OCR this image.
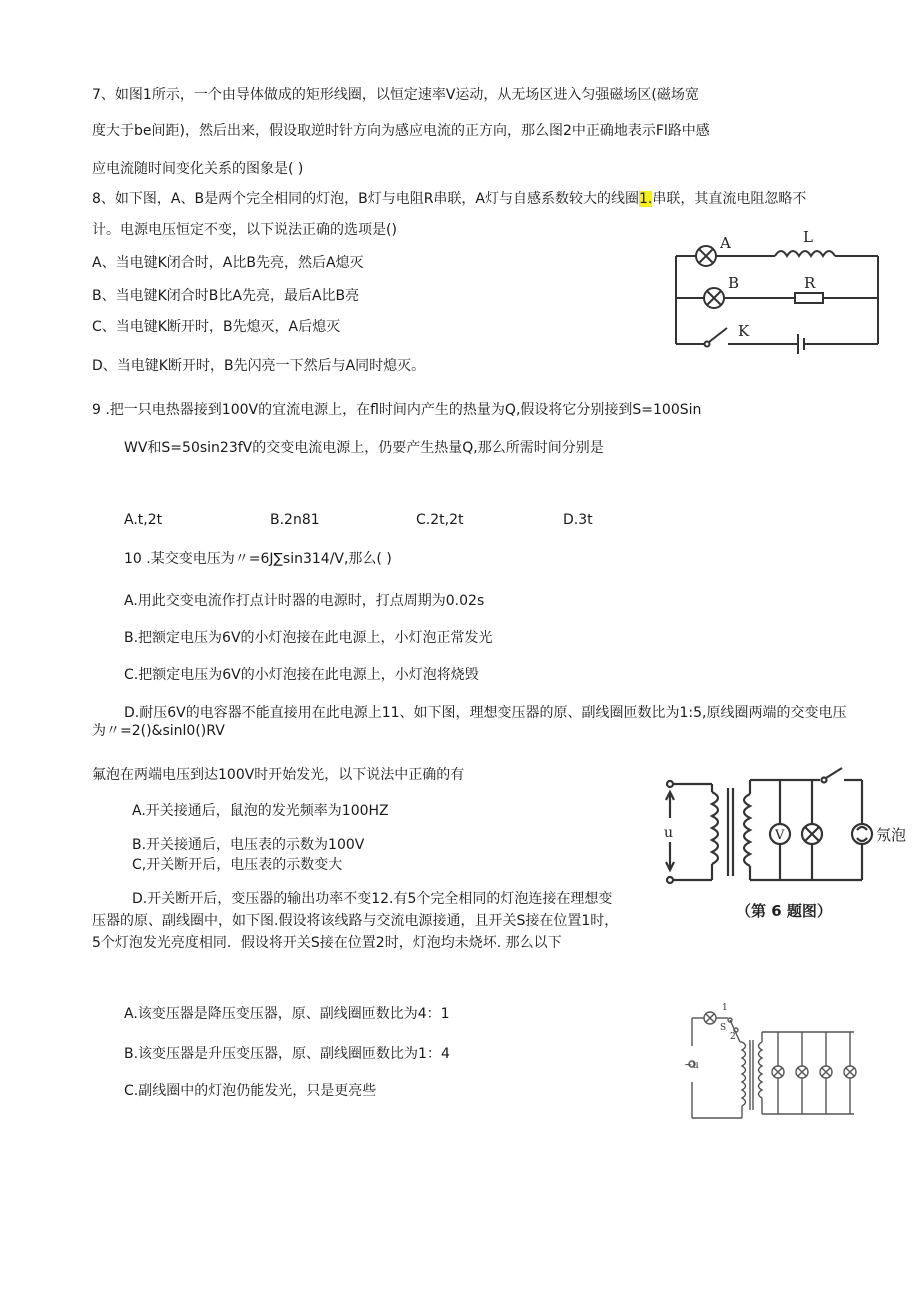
7、如图1所示，一个由导体做成的矩形线圈，以恒定速率V运动，从无场区进入匀强磁场区(磁场宽
度大于be间距)，然后出来，假设取逆时针方向为感应电流的正方向，那么图2中正确地表示Fl路中感
应电流随时间变化关系的图象是( )
8、如下图，A、B是两个完全相同的灯泡，B灯与电阻R串联，A灯与自感系数较大的线圈1.串联，其直流电阻忽略不
计。电源电压恒定不变，以下说法正确的选项是()
A、当电键K闭合时，A比B先亮，然后A熄灭
B、当电键K闭合时B比A先亮，最后A比B亮
C、当电键K断开时，B先熄灭，A后熄灭
D、当电键K断开时，B先闪亮一下然后与A同时熄灭。
A	L
B	R
K
9 .把一只电热器接到100V的宜流电源上，在fl时间内产生的热量为Q,假设将它分别接到S=100Sin
WV和S=50sin23fV的交变电流电源上，仍要产生热量Q,那么所需时间分别是
A.t,2t	B.2n81	C.2t,2t	D.3t
10 .某交变电压为〃=6J∑sin314/V,那么( )
A.用此交变电流作打点计时器的电源时，打点周期为0.02s
B.把额定电压为6V的小灯泡接在此电源上，小灯泡正常发光
C.把额定电压为6V的小灯泡接在此电源上，小灯泡将烧毁
D.耐压6V的电容器不能直接用在此电源上11、如下图，理想变压器的原、副线圈匝数比为1:5,原线圈两端的交变电压
为〃=2()&sinl0()RV
氟泡在两端电压到达100V时开始发光，以下说法中正确的有
A.开关接通后，鼠泡的发光频率为100HZ
B.开关接通后，电压表的示数为100V
C,开关断开后，电压表的示数变大
D.开关断开后，变压器的输出功率不变12.有5个完全相同的灯泡连接在理想变
u	V	氖泡
（第 6 题图）
压器的原、副线圈中，如下图.假设将该线路与交流电源接通，且开关S接在位置1时，
5个灯泡发光亮度相同．假设将开关S接在位置2时，灯泡均未烧坏. 那么以下
A.该变压器是降压变压器，原、副线圈匝数比为4：1
B.该变压器是升压变压器，原、副线圈匝数比为1：4
C.副线圈中的灯泡仍能发光，只是更亮些
1
S
2
~u
